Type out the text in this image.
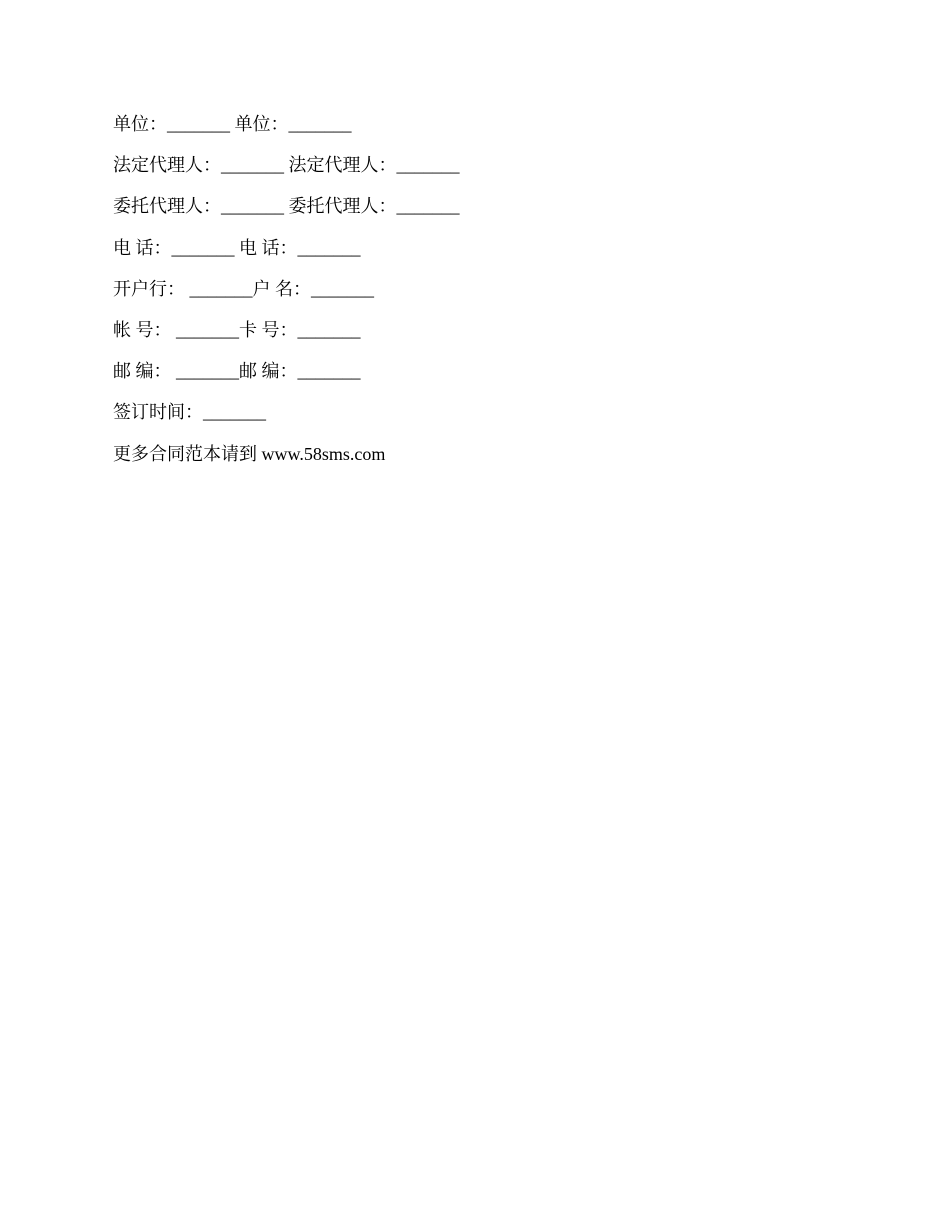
单位：_______ 单位：_______
法定代理人：_______ 法定代理人：_______
委托代理人：_______ 委托代理人：_______
电 话：_______ 电 话：_______
开户行： _______户 名：_______
帐 号： _______卡 号：_______
邮 编： _______邮 编：_______
签订时间：_______
更多合同范本请到 www.58sms.com
